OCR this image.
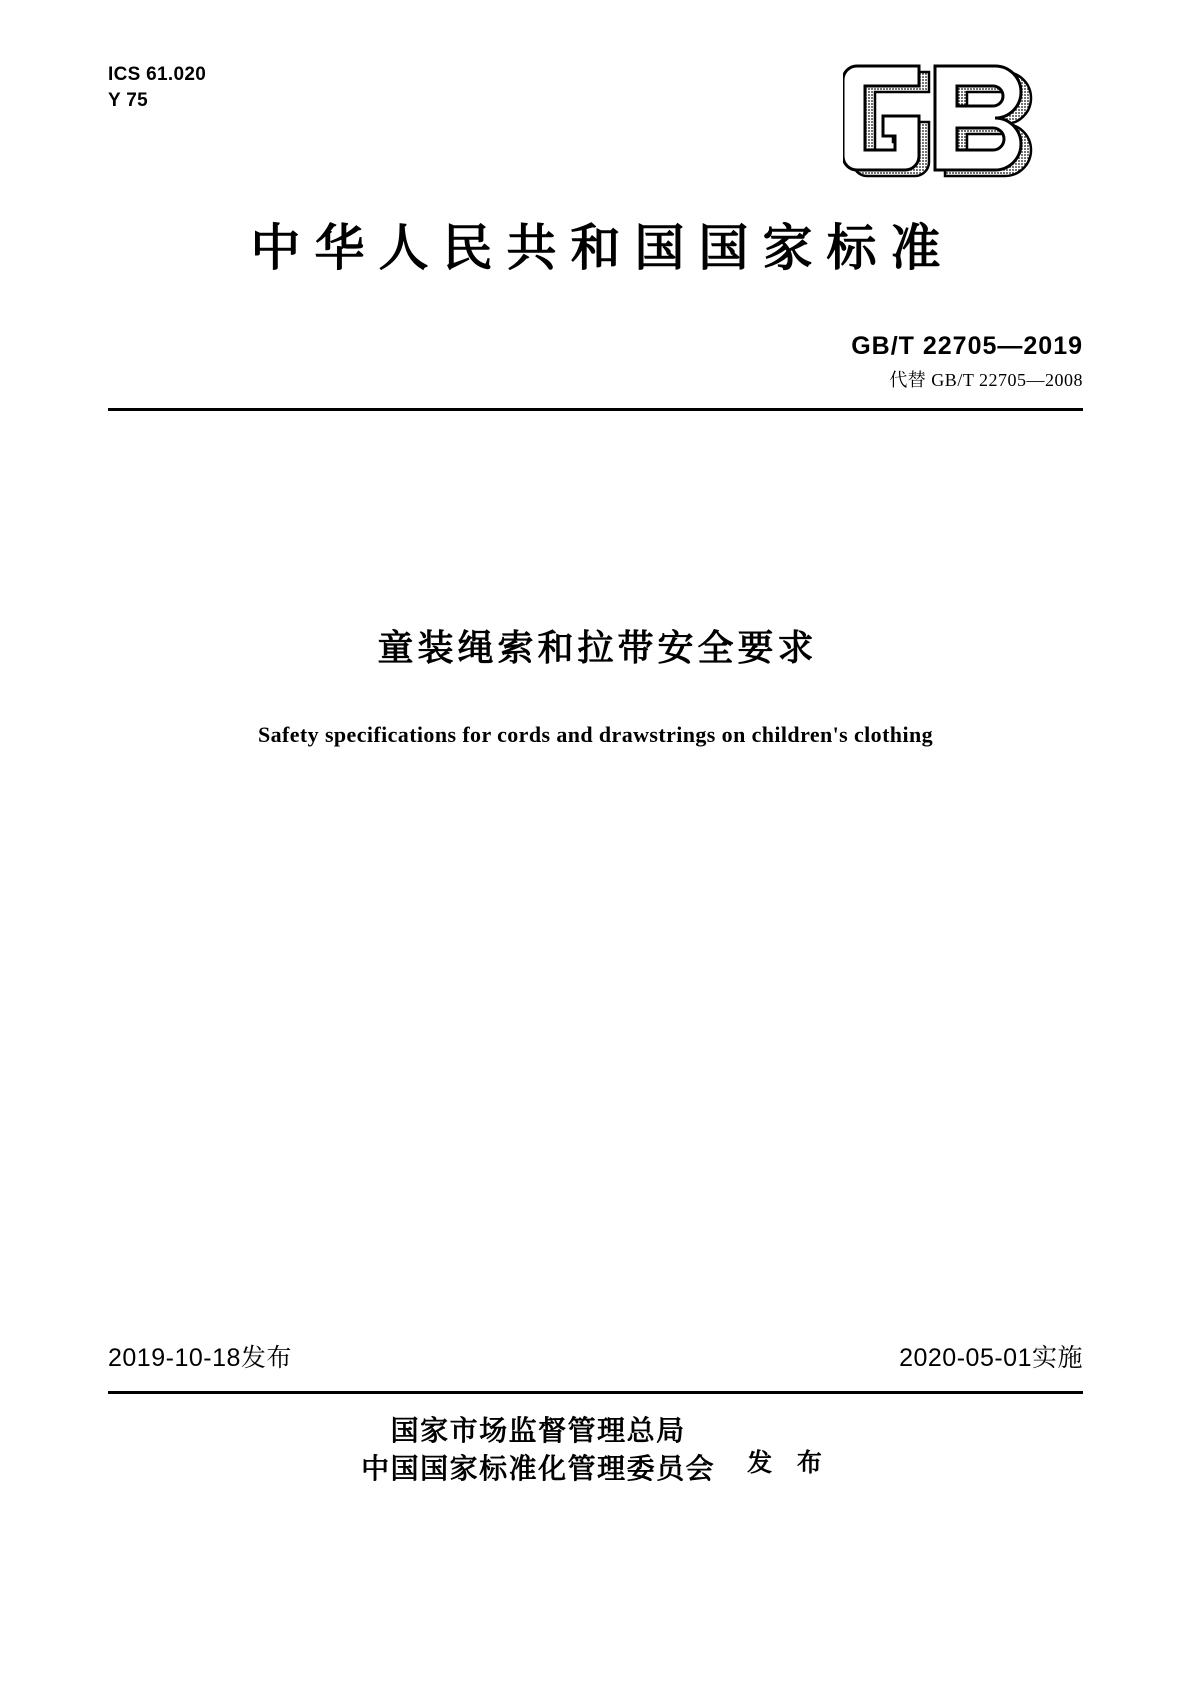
ICS 61.020
Y 75
中华人民共和国国家标准
GB/T 22705—2019
代替 GB/T 22705—2008
童装绳索和拉带安全要求
Safety specifications for cords and drawstrings on children's clothing
2019-10-18发布	2020-05-01实施
国家市场监督管理总局
中国国家标准化管理委员会	发 布
